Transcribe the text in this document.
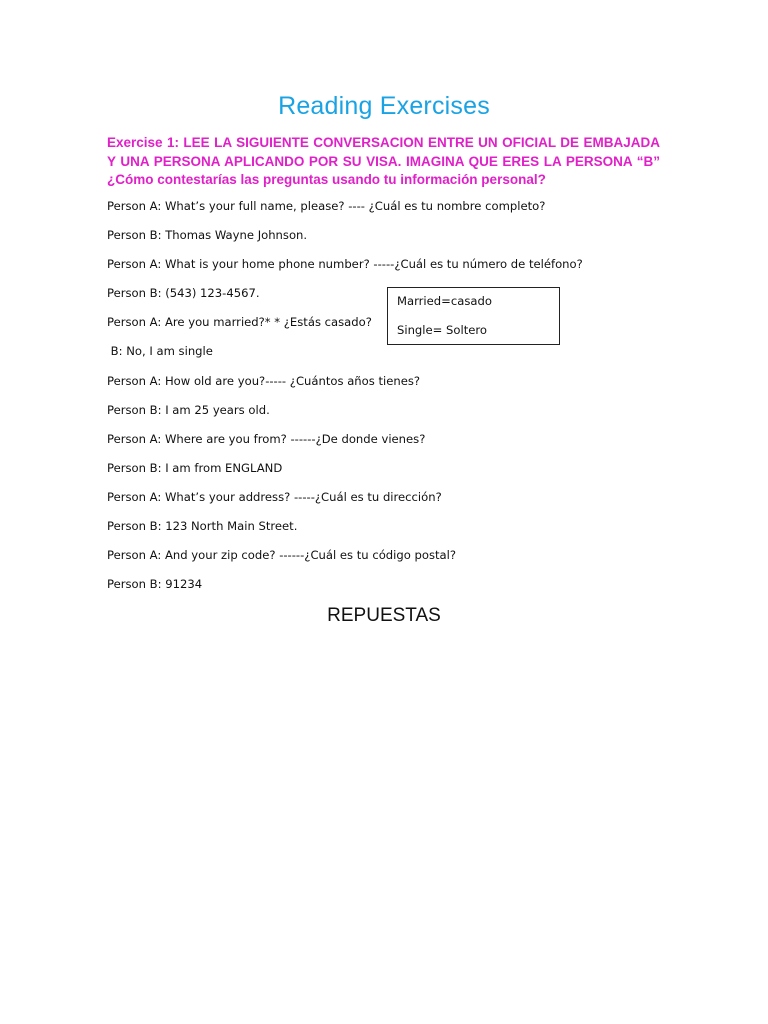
Reading Exercises

Exercise 1: LEE LA SIGUIENTE CONVERSACION ENTRE UN OFICIAL DE EMBAJADA Y UNA PERSONA APLICANDO POR SU VISA. IMAGINA QUE ERES LA PERSONA “B” ¿Cómo contestarías las preguntas usando tu información personal?

Person A: What’s your full name, please? ---- ¿Cuál es tu nombre completo?
Person B: Thomas Wayne Johnson.
Person A: What is your home phone number? -----¿Cuál es tu número de teléfono?
Person B: (543) 123-4567.
Person A: Are you married?* * ¿Estás casado?
B: No, I am single
Person A: How old are you?----- ¿Cuántos años tienes?
Person B: I am 25 years old.
Person A: Where are you from? ------¿De donde vienes?
Person B: I am from ENGLAND
Person A: What’s your address? -----¿Cuál es tu dirección?
Person B: 123 North Main Street.
Person A: And your zip code? ------¿Cuál es tu código postal?
Person B: 91234
Married=casado
Single= Soltero
REPUESTAS
